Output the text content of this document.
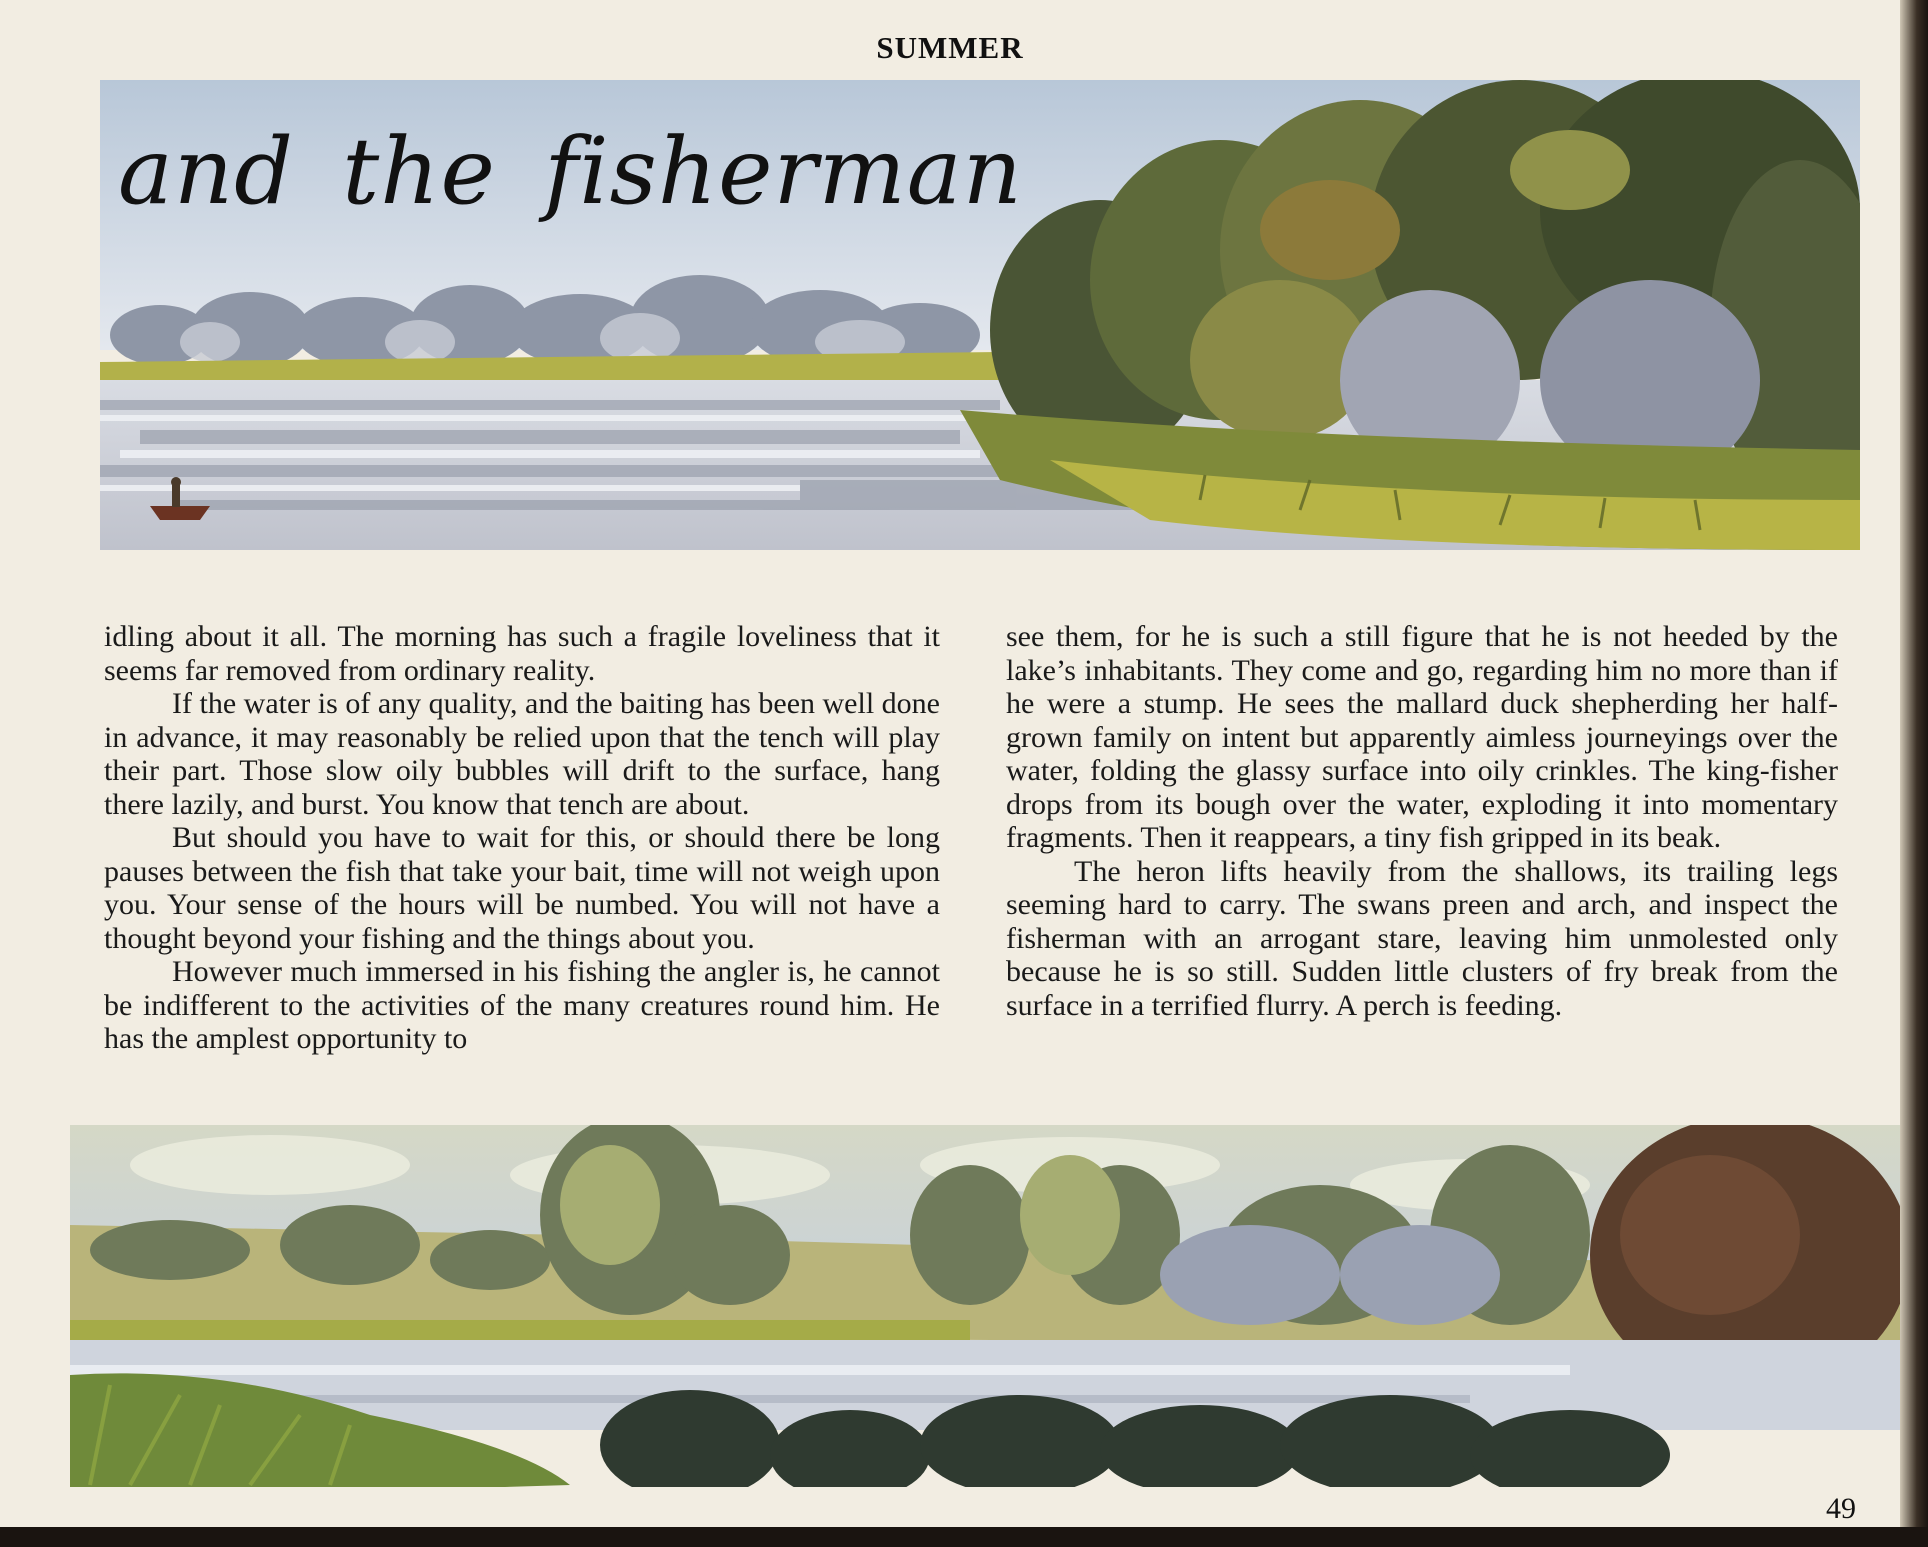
SUMMER
and the fisherman

idling about it all. The morning has such a fragile loveliness that it seems far removed from ordinary reality.

If the water is of any quality, and the baiting has been well done in advance, it may reasonably be relied upon that the tench will play their part. Those slow oily bubbles will drift to the surface, hang there lazily, and burst. You know that tench are about.

But should you have to wait for this, or should there be long pauses between the fish that take your bait, time will not weigh upon you. Your sense of the hours will be numbed. You will not have a thought beyond your fishing and the things about you.

However much immersed in his fishing the angler is, he cannot be indifferent to the activities of the many creatures round him. He has the amplest opportunity to

see them, for he is such a still figure that he is not heeded by the lake’s inhabitants. They come and go, regarding him no more than if he were a stump. He sees the mallard duck shepherding her half-grown family on intent but apparently aimless journeyings over the water, folding the glassy surface into oily crinkles. The king-fisher drops from its bough over the water, exploding it into momentary fragments. Then it reappears, a tiny fish gripped in its beak.

The heron lifts heavily from the shallows, its trailing legs seeming hard to carry. The swans preen and arch, and inspect the fisherman with an arrogant stare, leaving him unmolested only because he is so still. Sudden little clusters of fry break from the surface in a terrified flurry. A perch is feeding.

49
